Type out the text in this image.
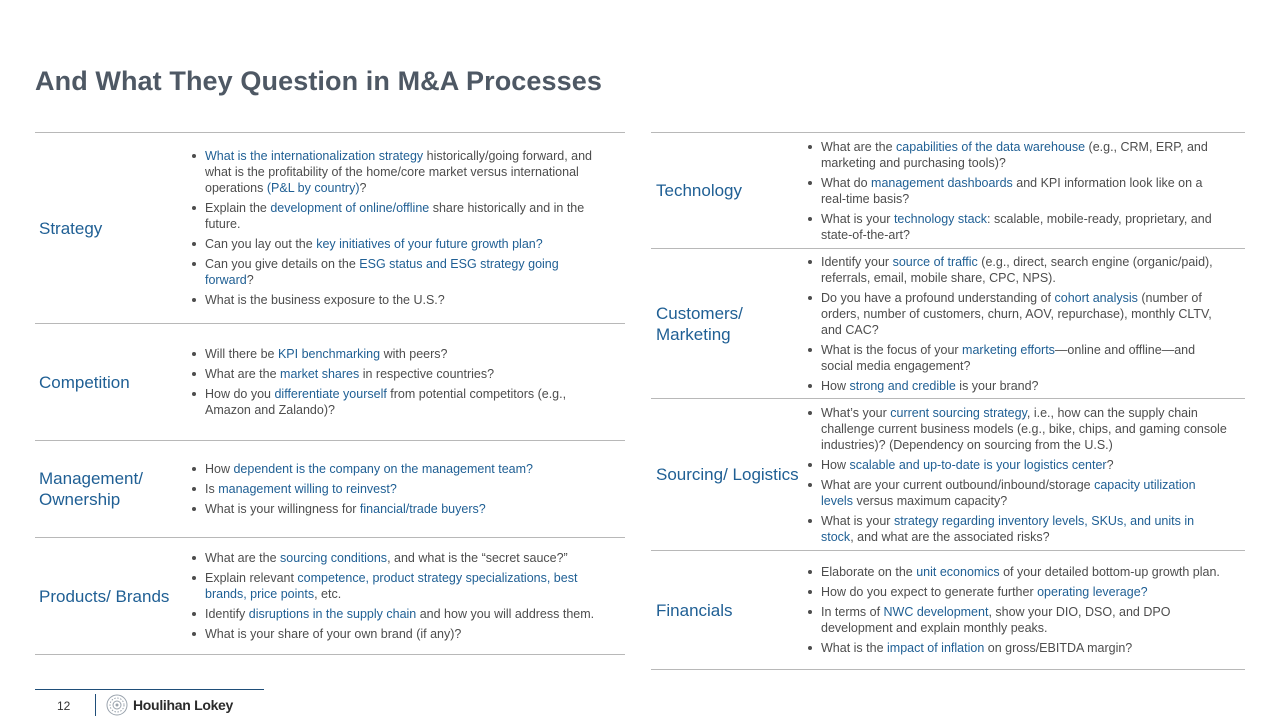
And What They Question in M&A Processes
Strategy
What is the internationalization strategy historically/going forward, and what is the profitability of the home/core market versus international operations (P&L by country)?
Explain the development of online/offline share historically and in the future.
Can you lay out the key initiatives of your future growth plan?
Can you give details on the ESG status and ESG strategy going forward?
What is the business exposure to the U.S.?
Competition
Will there be KPI benchmarking with peers?
What are the market shares in respective countries?
How do you differentiate yourself from potential competitors (e.g., Amazon and Zalando)?
Management/ Ownership
How dependent is the company on the management team?
Is management willing to reinvest?
What is your willingness for financial/trade buyers?
Products/ Brands
What are the sourcing conditions, and what is the “secret sauce?”
Explain relevant competence, product strategy specializations, best brands, price points, etc.
Identify disruptions in the supply chain and how you will address them.
What is your share of your own brand (if any)?
Technology
What are the capabilities of the data warehouse (e.g., CRM, ERP, and marketing and purchasing tools)?
What do management dashboards and KPI information look like on a real-time basis?
What is your technology stack: scalable, mobile-ready, proprietary, and state-of-the-art?
Customers/ Marketing
Identify your source of traffic (e.g., direct, search engine (organic/paid), referrals, email, mobile share, CPC, NPS).
Do you have a profound understanding of cohort analysis (number of orders, number of customers, churn, AOV, repurchase), monthly CLTV, and CAC?
What is the focus of your marketing efforts—online and offline—and social media engagement?
How strong and credible is your brand?
Sourcing/ Logistics
What’s your current sourcing strategy, i.e., how can the supply chain challenge current business models (e.g., bike, chips, and gaming console industries)? (Dependency on sourcing from the U.S.)
How scalable and up-to-date is your logistics center?
What are your current outbound/inbound/storage capacity utilization levels versus maximum capacity?
What is your strategy regarding inventory levels, SKUs, and units in stock, and what are the associated risks?
Financials
Elaborate on the unit economics of your detailed bottom-up growth plan.
How do you expect to generate further operating leverage?
In terms of NWC development, show your DIO, DSO, and DPO development and explain monthly peaks.
What is the impact of inflation on gross/EBITDA margin?
12	Houlihan Lokey
